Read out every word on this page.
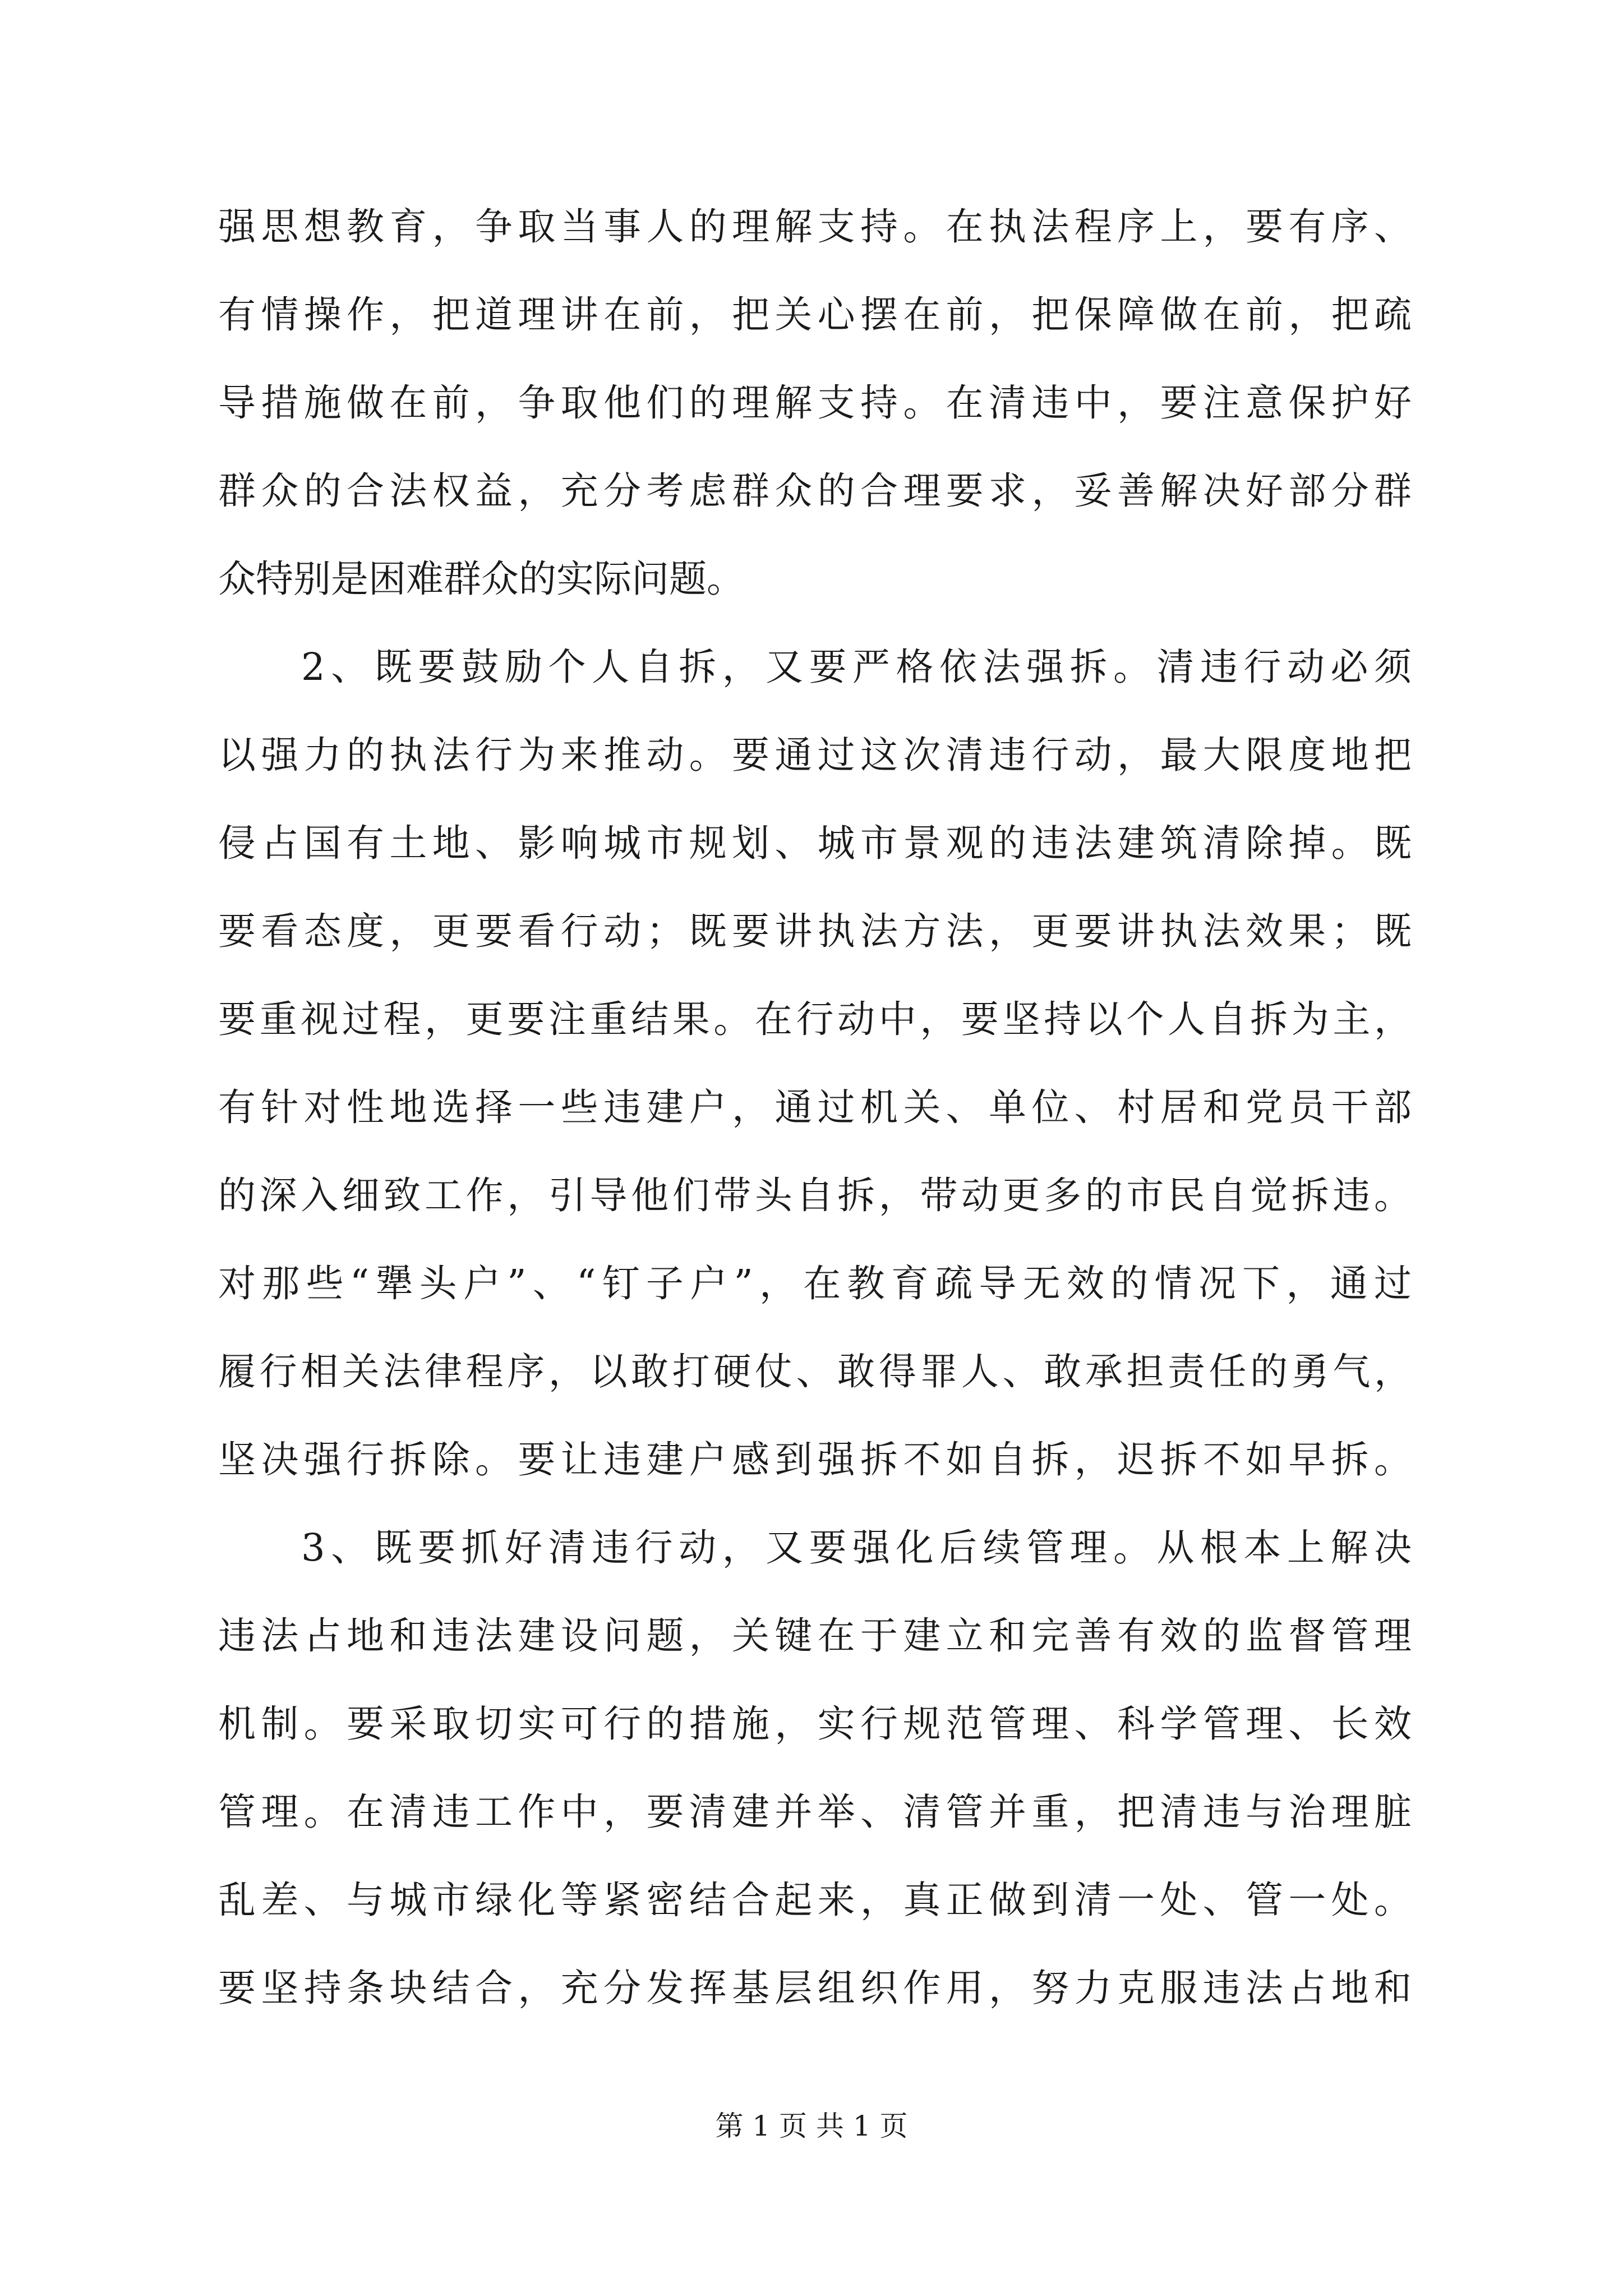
强思想教育，争取当事人的理解支持。在执法程序上，要有序、
有情操作，把道理讲在前，把关心摆在前，把保障做在前，把疏
导措施做在前，争取他们的理解支持。在清违中，要注意保护好
群众的合法权益，充分考虑群众的合理要求，妥善解决好部分群
众特别是困难群众的实际问题。
2、既要鼓励个人自拆，又要严格依法强拆。清违行动必须
以强力的执法行为来推动。要通过这次清违行动，最大限度地把
侵占国有土地、影响城市规划、城市景观的违法建筑清除掉。既
要看态度，更要看行动；既要讲执法方法，更要讲执法效果；既
要重视过程，更要注重结果。在行动中，要坚持以个人自拆为主，
有针对性地选择一些违建户，通过机关、单位、村居和党员干部
的深入细致工作，引导他们带头自拆，带动更多的市民自觉拆违。
对那些“犟头户”、“钉子户”，在教育疏导无效的情况下，通过
履行相关法律程序，以敢打硬仗、敢得罪人、敢承担责任的勇气，
坚决强行拆除。要让违建户感到强拆不如自拆，迟拆不如早拆。
3、既要抓好清违行动，又要强化后续管理。从根本上解决
违法占地和违法建设问题，关键在于建立和完善有效的监督管理
机制。要采取切实可行的措施，实行规范管理、科学管理、长效
管理。在清违工作中，要清建并举、清管并重，把清违与治理脏
乱差、与城市绿化等紧密结合起来，真正做到清一处、管一处。
要坚持条块结合，充分发挥基层组织作用，努力克服违法占地和
第 1 页 共 1 页
